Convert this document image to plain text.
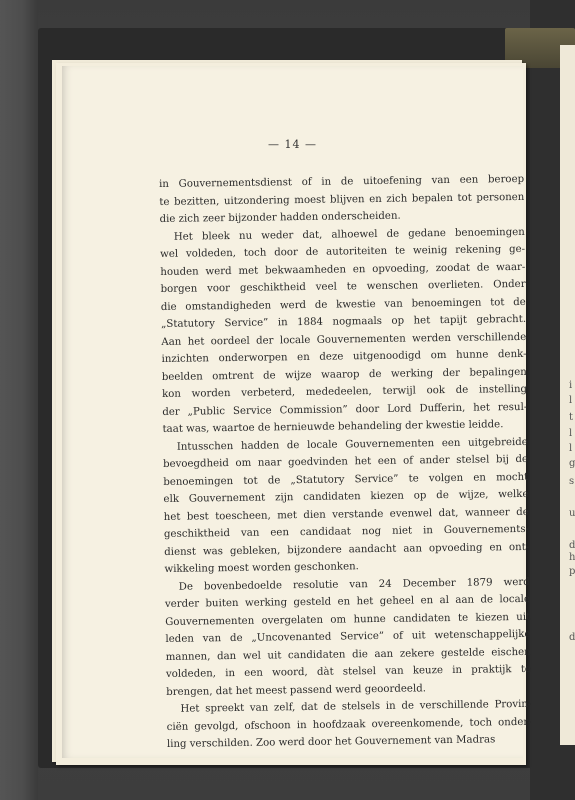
i
l
t
l
l
g
s
u
d
h
p
d
— 14 —
in Gouvernementsdienst of in de uitoefening van een beroep
te bezitten, uitzondering moest blijven en zich bepalen tot personen
die zich zeer bijzonder hadden onderscheiden.
Het bleek nu weder dat, alhoewel de gedane benoemingen
wel voldeden, toch door de autoriteiten te weinig rekening ge-
houden werd met bekwaamheden en opvoeding, zoodat de waar-
borgen voor geschiktheid veel te wenschen overlieten. Onder
die omstandigheden werd de kwestie van benoemingen tot de
„Statutory Service” in 1884 nogmaals op het tapijt gebracht.
Aan het oordeel der locale Gouvernementen werden verschillende
inzichten onderworpen en deze uitgenoodigd om hunne denk-
beelden omtrent de wijze waarop de werking der bepalingen
kon worden verbeterd, mededeelen, terwijl ook de instelling
der „Public Service Commission” door Lord Dufferin, het resul-
taat was, waartoe de hernieuwde behandeling der kwestie leidde.
Intusschen hadden de locale Gouvernementen een uitgebreide
bevoegdheid om naar goedvinden het een of ander stelsel bij de
benoemingen tot de „Statutory Service” te volgen en mocht
elk Gouvernement zijn candidaten kiezen op de wijze, welke
het best toescheen, met dien verstande evenwel dat, wanneer de
geschiktheid van een candidaat nog niet in Gouvernements-
dienst was gebleken, bijzondere aandacht aan opvoeding en ont-
wikkeling moest worden geschonken.
De bovenbedoelde resolutie van 24 December 1879 werd
verder buiten werking gesteld en het geheel en al aan de locale
Gouvernementen overgelaten om hunne candidaten te kiezen uit
leden van de „Uncovenanted Service” of uit wetenschappelijke
mannen, dan wel uit candidaten die aan zekere gestelde eischen
voldeden, in een woord, dàt stelsel van keuze in praktijk te
brengen, dat het meest passend werd geoordeeld.
Het spreekt van zelf, dat de stelsels in de verschillende Provin-
ciën gevolgd, ofschoon in hoofdzaak overeenkomende, toch onder-
ling verschilden. Zoo werd door het Gouvernement van Madras
